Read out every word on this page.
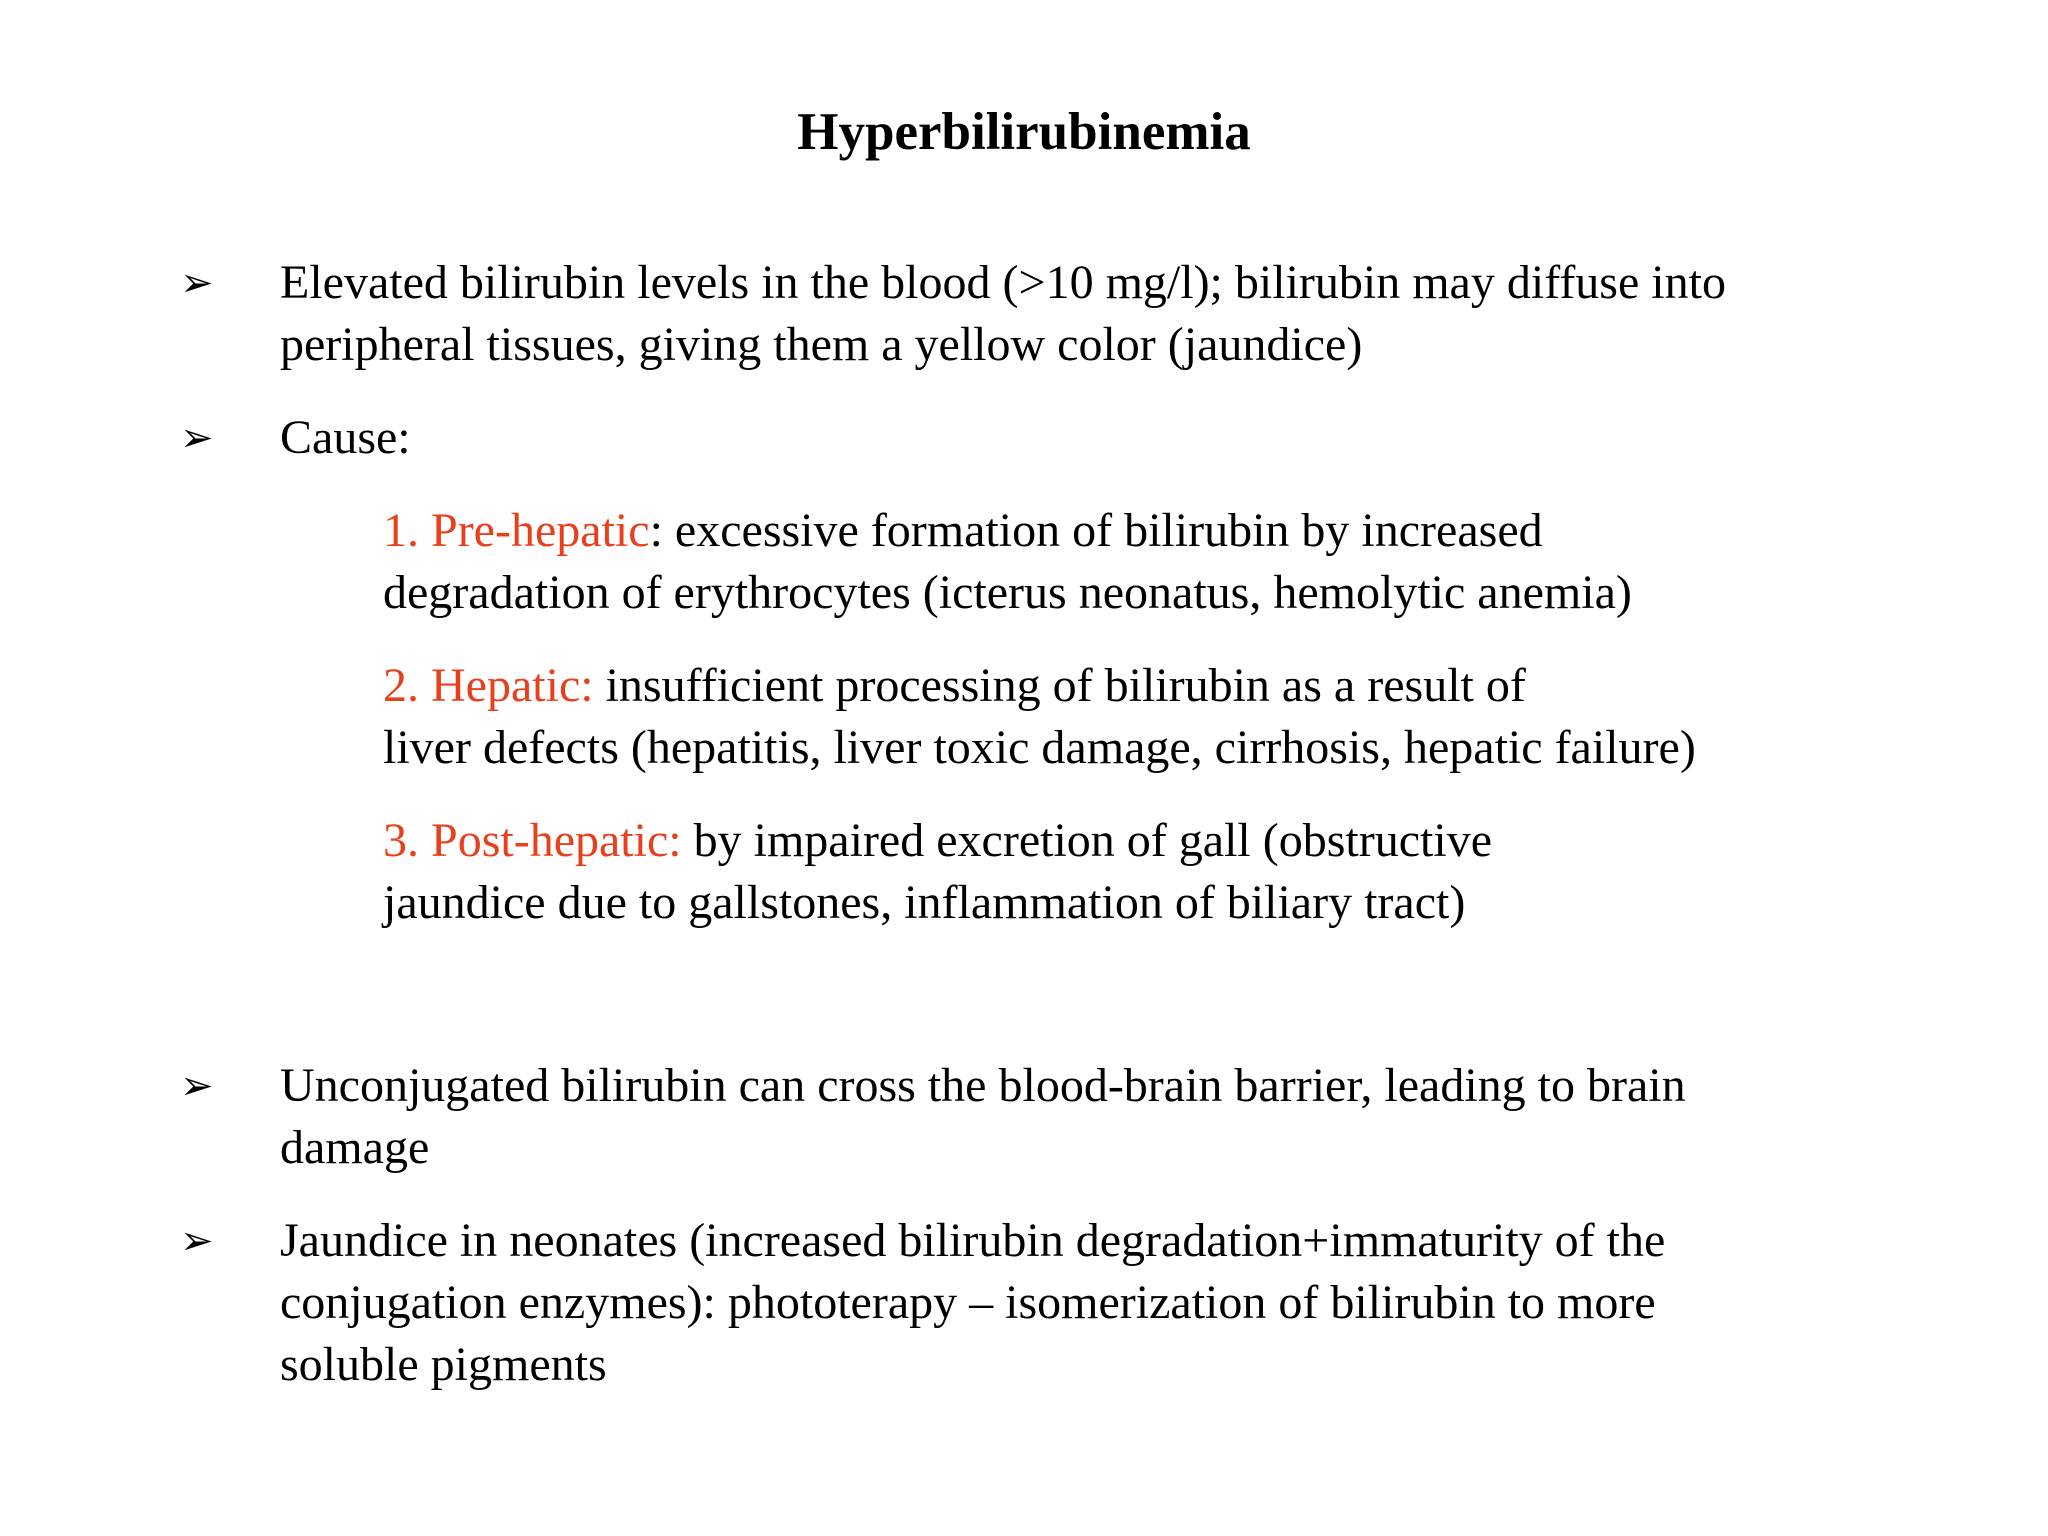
Hyperbilirubinemia
➢	Elevated bilirubin levels in the blood (>10 mg/l); bilirubin may diffuse into
peripheral tissues, giving them a yellow color (jaundice)
➢	Cause:
1. Pre-hepatic: excessive formation of bilirubin by increased
degradation of erythrocytes (icterus neonatus, hemolytic anemia)
2. Hepatic: insufficient processing of bilirubin as a result of
liver defects (hepatitis, liver toxic damage, cirrhosis, hepatic failure)
3. Post-hepatic: by impaired excretion of gall (obstructive
jaundice due to gallstones, inflammation of biliary tract)
➢	Unconjugated bilirubin can cross the blood-brain barrier, leading to brain
damage
➢	Jaundice in neonates (increased bilirubin degradation+immaturity of the
conjugation enzymes): phototerapy – isomerization of bilirubin to more
soluble pigments
